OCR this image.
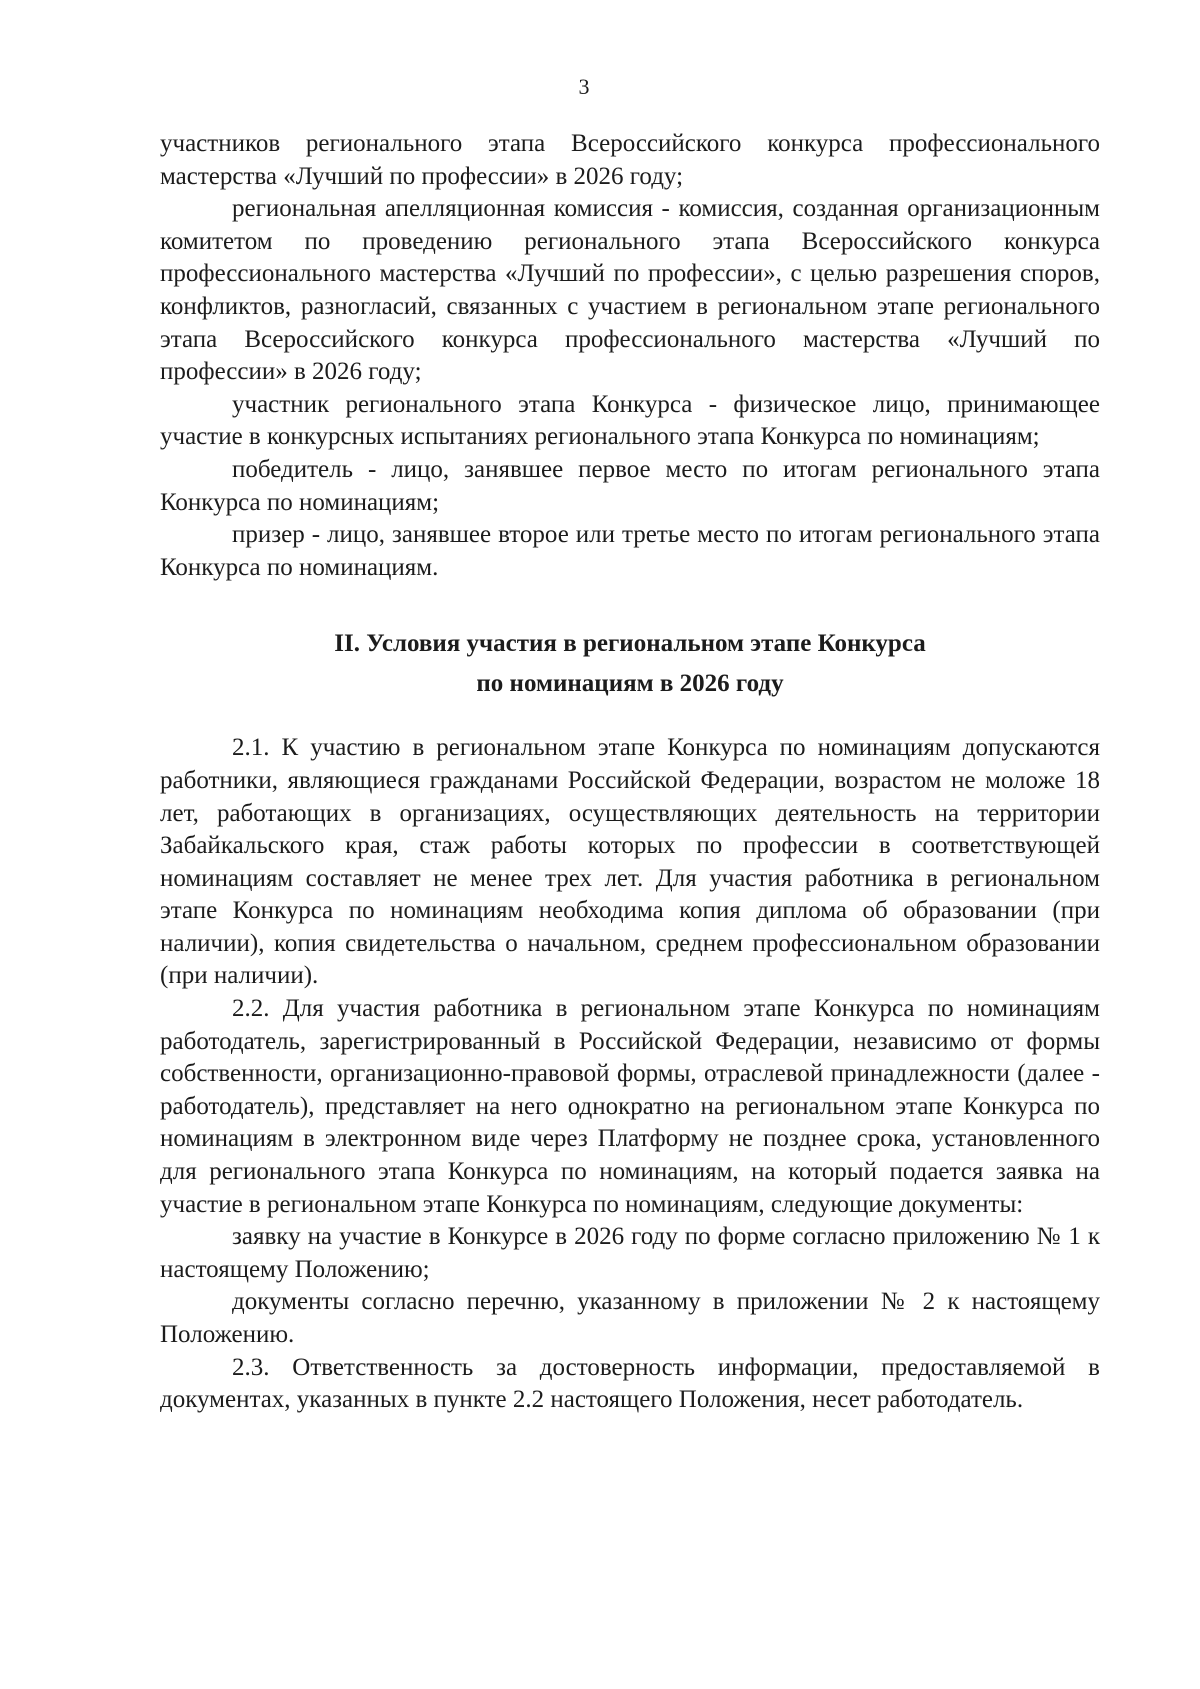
3

участников регионального этапа Всероссийского конкурса профессионального мастерства «Лучший по профессии» в 2026 году;

региональная апелляционная комиссия - комиссия, созданная организационным комитетом по проведению регионального этапа Всероссийского конкурса профессионального мастерства «Лучший по профессии», с целью разрешения споров, конфликтов, разногласий, связанных с участием в региональном этапе регионального этапа Всероссийского конкурса профессионального мастерства «Лучший по профессии» в 2026 году;

участник регионального этапа Конкурса - физическое лицо, принимающее участие в конкурсных испытаниях регионального этапа Конкурса по номинациям;

победитель - лицо, занявшее первое место по итогам регионального этапа Конкурса по номинациям;

призер - лицо, занявшее второе или третье место по итогам регионального этапа Конкурса по номинациям.

II. Условия участия в региональном этапе Конкурса
по номинациям в 2026 году

2.1. К участию в региональном этапе Конкурса по номинациям допускаются работники, являющиеся гражданами Российской Федерации, возрастом не моложе 18 лет, работающих в организациях, осуществляющих деятельность на территории Забайкальского края, стаж работы которых по профессии в соответствующей номинациям составляет не менее трех лет. Для участия работника в региональном этапе Конкурса по номинациям необходима копия диплома об образовании (при наличии), копия свидетельства о начальном, среднем профессиональном образовании (при наличии).

2.2. Для участия работника в региональном этапе Конкурса по номинациям работодатель, зарегистрированный в Российской Федерации, независимо от формы собственности, организационно-правовой формы, отраслевой принадлежности (далее - работодатель), представляет на него однократно на региональном этапе Конкурса по номинациям в электронном виде через Платформу не позднее срока, установленного для регионального этапа Конкурса по номинациям, на который подается заявка на участие в региональном этапе Конкурса по номинациям, следующие документы:

заявку на участие в Конкурсе в 2026 году по форме согласно приложению № 1 к настоящему Положению;

документы согласно перечню, указанному в приложении № 2 к настоящему Положению.

2.3. Ответственность за достоверность информации, предоставляемой в документах, указанных в пункте 2.2 настоящего Положения, несет работодатель.
